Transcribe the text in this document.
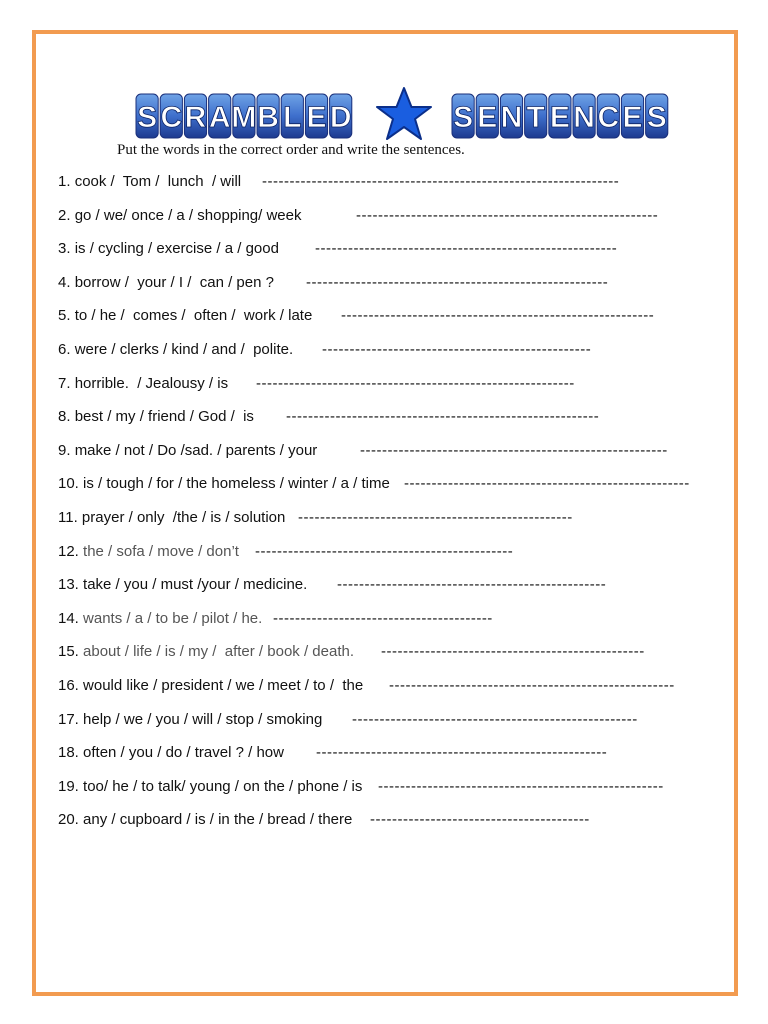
S C R A M B L E D	S E N T E N C E S
Put the words in the correct order and write the sentences.
1. cook /  Tom /  lunch  / will -----------------------------------------------------------------
2. go / we/ once / a / shopping/ week	-------------------------------------------------------
3. is / cycling / exercise / a / good -------------------------------------------------------
4. borrow /  your / I /  can / pen ? -------------------------------------------------------
5. to / he /  comes /  often /  work / late ---------------------------------------------------------
6. were / clerks / kind / and /  polite. -------------------------------------------------
7. horrible.  / Jealousy / is ----------------------------------------------------------
8. best / my / friend / God /  is ---------------------------------------------------------
9. make / not / Do /sad. / parents / your	--------------------------------------------------------
10. is / tough / for / the homeless / winter / a / time ----------------------------------------------------
11. prayer / only  /the / is / solution --------------------------------------------------
12. the / sofa / move / don’t -----------------------------------------------
13. take / you / must /your / medicine. -------------------------------------------------
14. wants / a / to be / pilot / he. ----------------------------------------
15. about / life / is / my /  after / book / death. ------------------------------------------------
16. would like / president / we / meet / to /  the ----------------------------------------------------
17. help / we / you / will / stop / smoking ----------------------------------------------------
18. often / you / do / travel ? / how -----------------------------------------------------
19. too/ he / to talk/ young / on the / phone / is ----------------------------------------------------
20. any / cupboard / is / in the / bread / there ----------------------------------------
